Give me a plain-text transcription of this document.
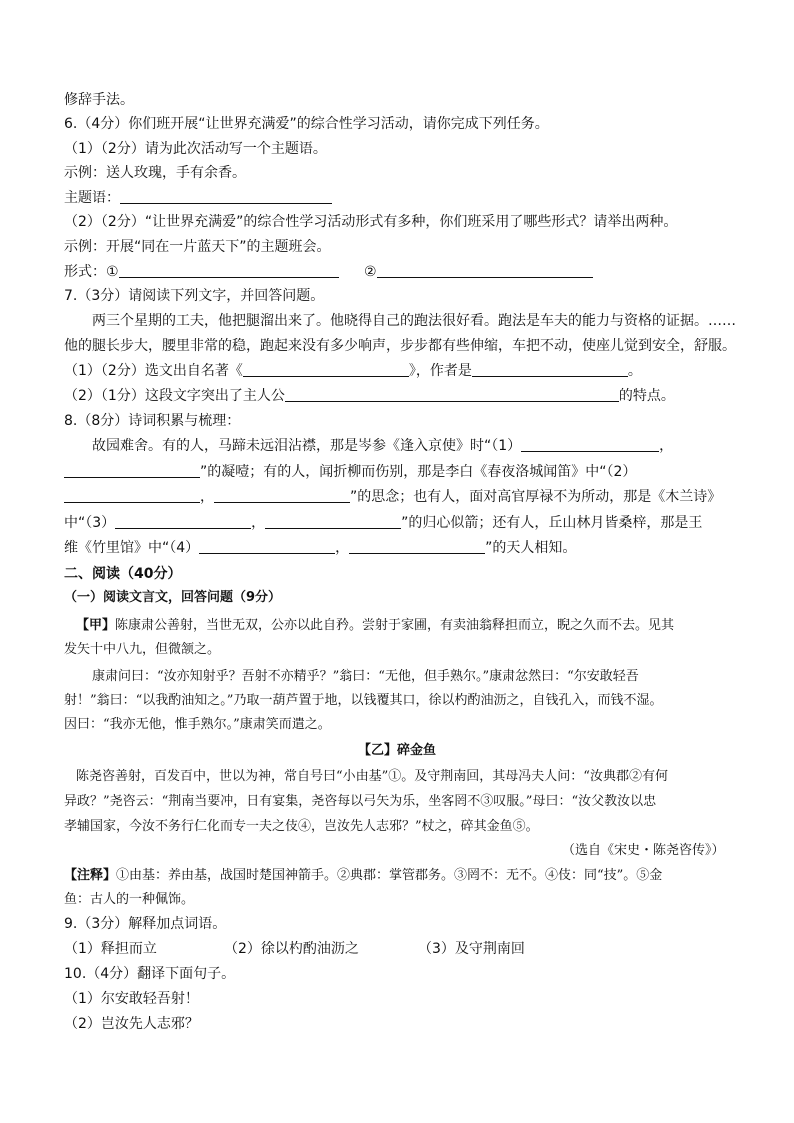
修辞手法。
6.（4分）你们班开展“让世界充满爱”的综合性学习活动，请你完成下列任务。
（1）（2分）请为此次活动写一个主题语。
示例：送人玫瑰，手有余香。
主题语：
（2）（2分）“让世界充满爱”的综合性学习活动形式有多种，你们班采用了哪些形式？请举出两种。
示例：开展“同在一片蓝天下”的主题班会。
形式：①	②
7.（3分）请阅读下列文字，并回答问题。
两三个星期的工夫，他把腿溜出来了。他晓得自己的跑法很好看。跑法是车夫的能力与资格的证据。……
他的腿长步大，腰里非常的稳，跑起来没有多少响声，步步都有些伸缩，车把不动，使座儿觉到安全，舒服。
（1）（2分）选文出自名著《	》，作者是	。
（2）（1分）这段文字突出了主人公	的特点。
8.（8分）诗词积累与梳理：
故园难舍。有的人，马蹄未远泪沾襟，那是岑参《逢入京使》时“（1）	，
”的凝噎；有的人，闻折柳而伤别，那是李白《春夜洛城闻笛》中“（2）
，	”的思念；也有人，面对高官厚禄不为所动，那是《木兰诗》
中“（3）	，	”的归心似箭；还有人，丘山林月皆桑梓，那是王
维《竹里馆》中“（4）	，	”的天人相知。
二、阅读（40分）
（一）阅读文言文，回答问题（9分）
【甲】陈康肃公善射，当世无双，公亦以此自矜。尝射于家圃，有卖油翁释担而立，睨之久而不去。见其
发矢十中八九，但微颔之。
康肃问曰：“汝亦知射乎？吾射不亦精乎？”翁曰：“无他，但手熟尔。”康肃忿然曰：“尔安敢轻吾
射！”翁曰：“以我酌油知之。”乃取一葫芦置于地，以钱覆其口，徐以杓酌油沥之，自钱孔入，而钱不湿。
因曰：“我亦无他，惟手熟尔。”康肃笑而遣之。
【乙】碎金鱼
陈尧咨善射，百发百中，世以为神，常自号曰“小由基”①。及守荆南回，其母冯夫人问：“汝典郡②有何
异政？”尧咨云：“荆南当要冲，日有宴集，尧咨每以弓矢为乐，坐客罔不③叹服。”母曰：“汝父教汝以忠
孝辅国家，今汝不务行仁化而专一夫之伎④，岂汝先人志邪？”杖之，碎其金鱼⑤。
（选自《宋史・陈尧咨传》）
【注释】①由基：养由基，战国时楚国神箭手。②典郡：掌管郡务。③罔不：无不。④伎：同“技”。⑤金
鱼：古人的一种佩饰。
9.（3分）解释加点词语。
（1）释担而立	（2）徐以杓酌油沥之	（3）及守荆南回
10.（4分）翻译下面句子。
（1）尔安敢轻吾射！
（2）岂汝先人志邪？
